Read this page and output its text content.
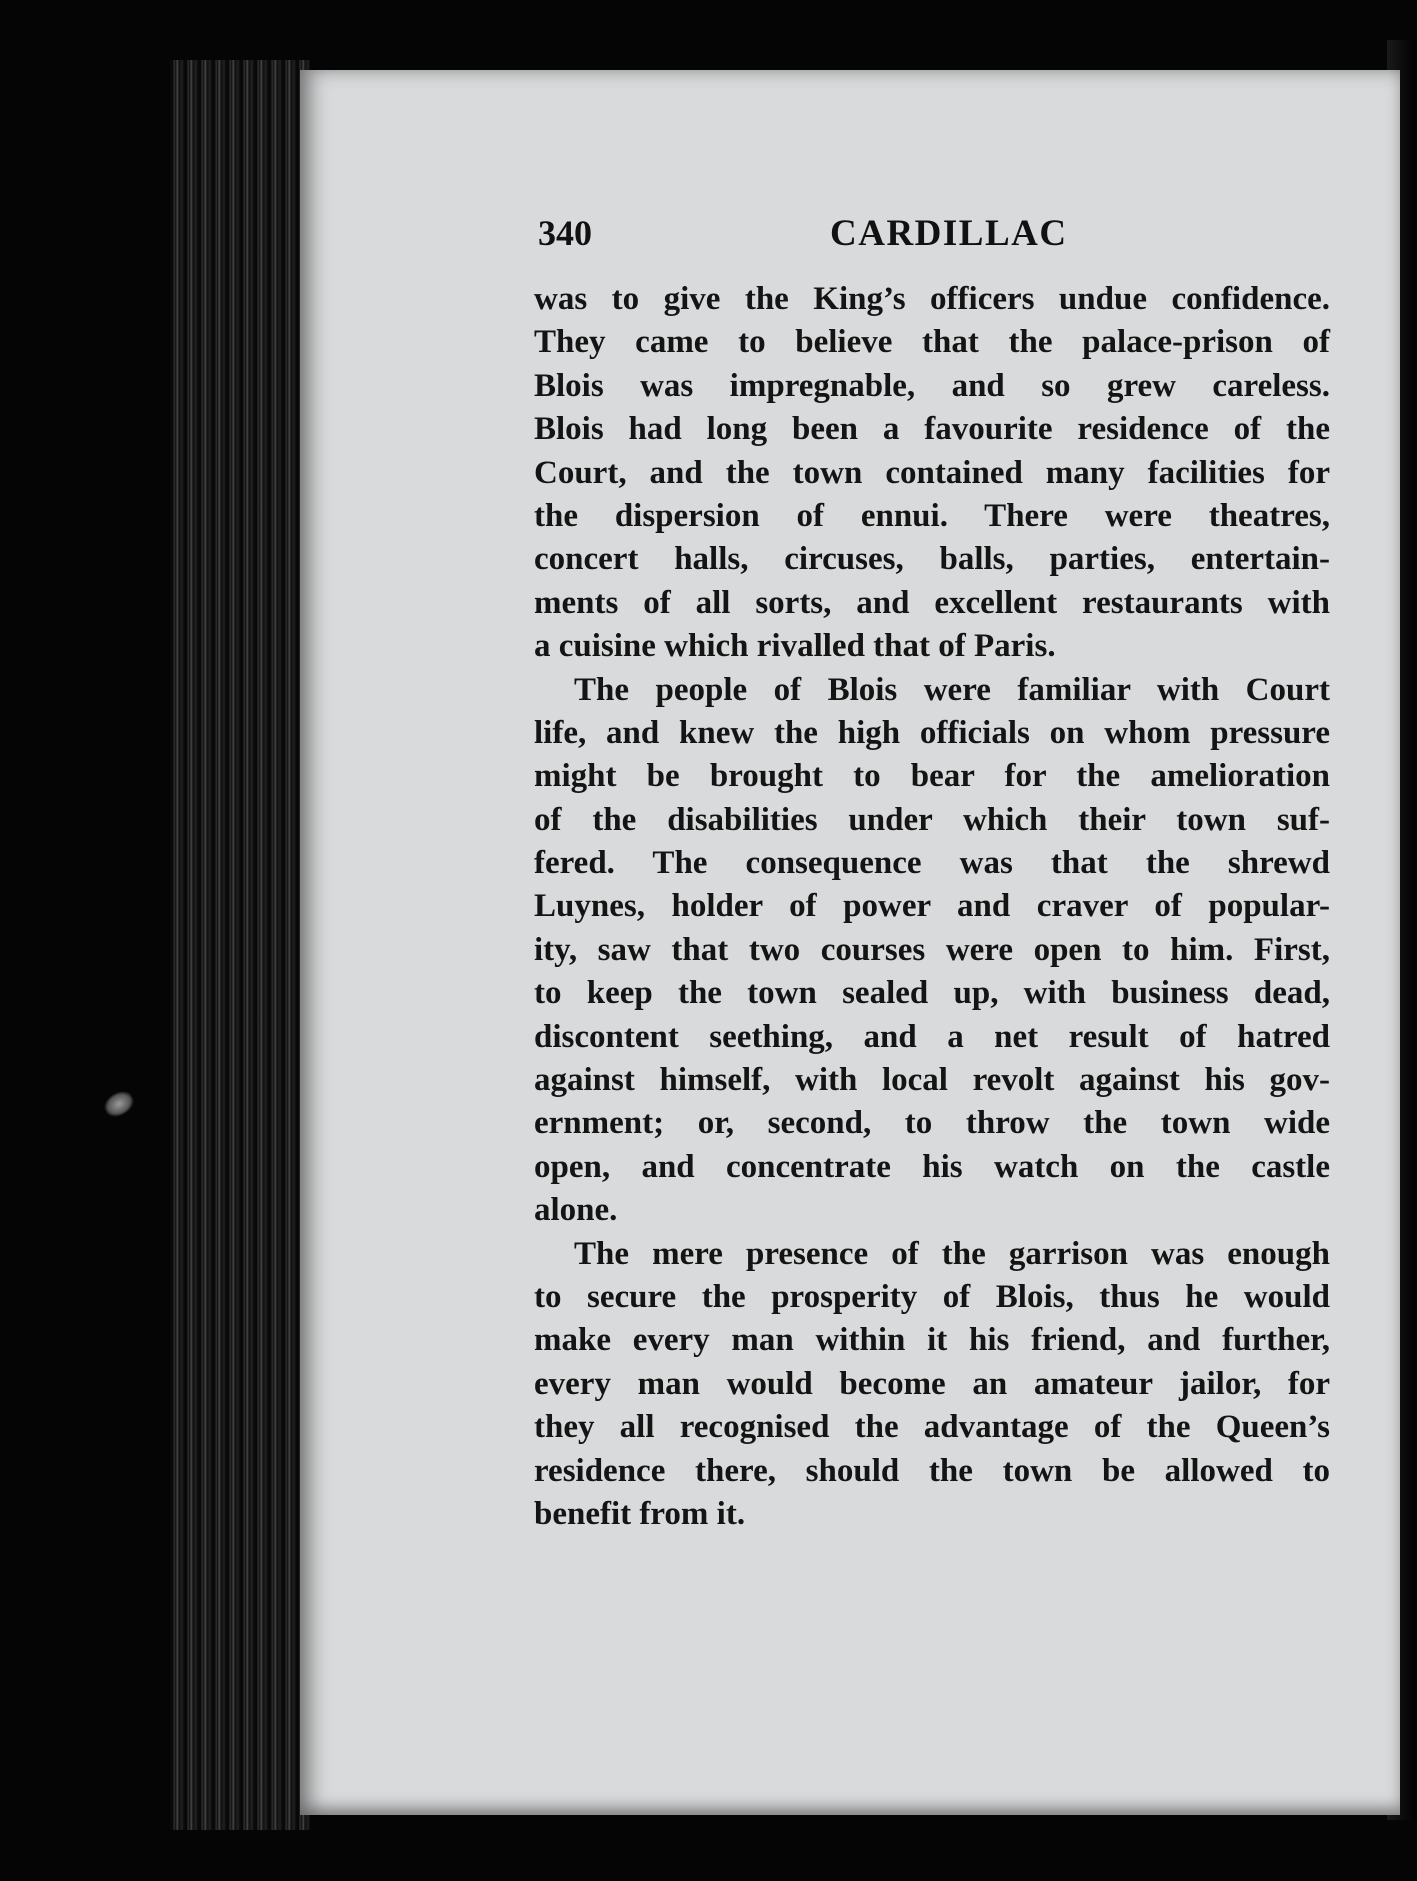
340	CARDILLAC
was to give the King’s officers undue confidence.
They came to believe that the palace-prison of
Blois was impregnable, and so grew careless.
Blois had long been a favourite residence of the
Court, and the town contained many facilities for
the dispersion of ennui. There were theatres,
concert halls, circuses, balls, parties, entertain-
ments of all sorts, and excellent restaurants with
a cuisine which rivalled that of Paris.
The people of Blois were familiar with Court
life, and knew the high officials on whom pressure
might be brought to bear for the amelioration
of the disabilities under which their town suf-
fered. The consequence was that the shrewd
Luynes, holder of power and craver of popular-
ity, saw that two courses were open to him. First,
to keep the town sealed up, with business dead,
discontent seething, and a net result of hatred
against himself, with local revolt against his gov-
ernment; or, second, to throw the town wide
open, and concentrate his watch on the castle
alone.
The mere presence of the garrison was enough
to secure the prosperity of Blois, thus he would
make every man within it his friend, and further,
every man would become an amateur jailor, for
they all recognised the advantage of the Queen’s
residence there, should the town be allowed to
benefit from it.
